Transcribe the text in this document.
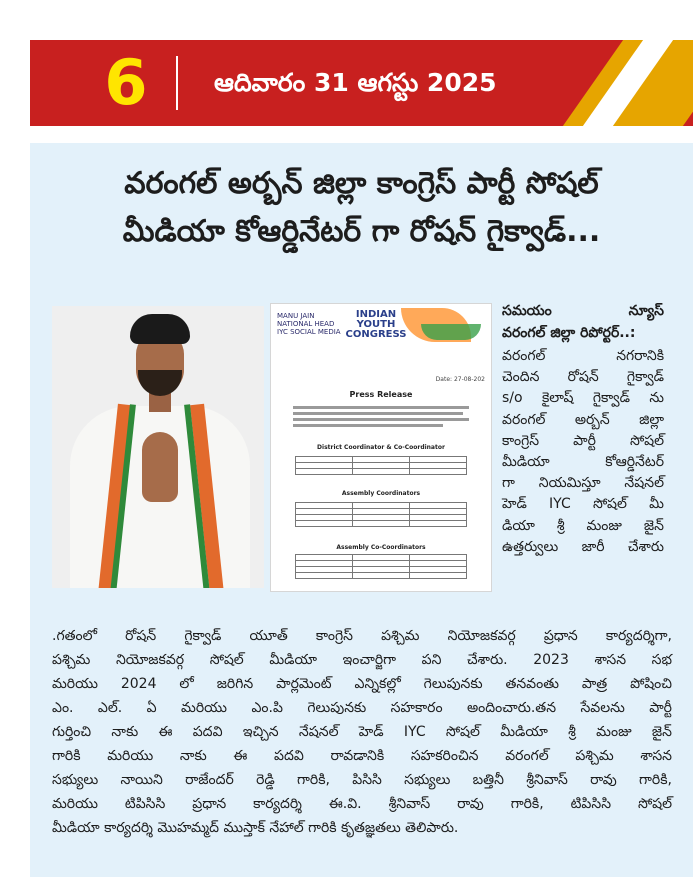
6	ఆదివారం 31 ఆగస్టు 2025
వరంగల్ అర్బన్ జిల్లా కాంగ్రెస్ పార్టీ సోషల్
మీడియా కోఆర్డినేటర్ గా రోషన్ గైక్వాడ్...
MANU JAIN
NATIONAL HEAD
IYC SOCIAL MEDIA
INDIAN
YOUTH
CONGRESS
Date: 27-08-202
Press Release
District Coordinator & Co-Coordinator

Assembly Coordinators

Assembly Co-Coordinators

సమయం న్యూస్
వరంగల్ జిల్లా రిపోర్టర్..:
వరంగల్ నగరానికి
చెందిన రోషన్ గైక్వాడ్
s/o కైలాష్ గైక్వాడ్ ను
వరంగల్ అర్బన్ జిల్లా
కాంగ్రెస్ పార్టీ సోషల్
మీడియా కోఆర్డినేటర్
గా నియమిస్తూ నేషనల్
హెడ్ IYC సోషల్ మీ
డియా శ్రీ మంజు జైన్
ఉత్తర్వులు జారీ చేశారు
.గతంలో రోషన్ గైక్వాడ్ యూత్ కాంగ్రెస్ పశ్చిమ నియోజకవర్గ ప్రధాన కార్యదర్శిగా,
పశ్చిమ నియోజకవర్గ సోషల్ మీడియా ఇంచార్జిగా పని చేశారు. 2023 శాసన సభ
మరియు 2024 లో జరిగిన పార్లమెంట్ ఎన్నికల్లో గెలుపునకు తనవంతు పాత్ర పోషించి
ఎం. ఎల్. ఏ మరియు ఎం.పి గెలుపునకు సహకారం అందించారు.తన సేవలను పార్టీ
గుర్తించి నాకు ఈ పదవి ఇచ్చిన నేషనల్ హెడ్ IYC సోషల్ మీడియా శ్రీ మంజు జైన్
గారికి మరియు నాకు ఈ పదవి రావడానికి సహకరించిన వరంగల్ పశ్చిమ శాసన
సభ్యులు నాయిని రాజేందర్ రెడ్డి గారికి, పిసిసి సభ్యులు బత్తినీ శ్రీనివాస్ రావు గారికి,
మరియు టిపిసిసి ప్రధాన కార్యదర్శి ఈ.వి. శ్రీనివాస్ రావు గారికి, టిపిసిసి సోషల్
మీడియా కార్యదర్శి మొహమ్మద్ ముస్తాక్ నేహాల్ గారికి కృతజ్ఞతలు తెలిపారు.
